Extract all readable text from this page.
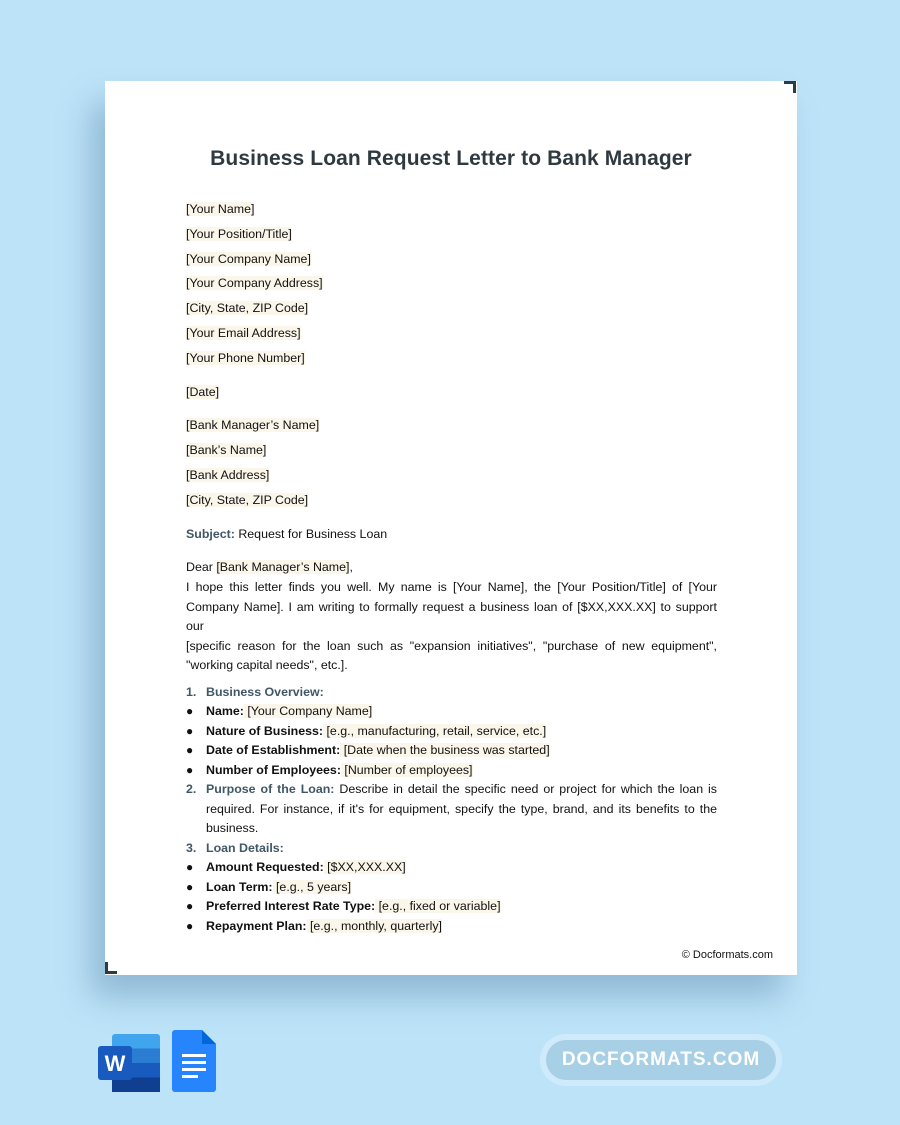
Business Loan Request Letter to Bank Manager
[Your Name]
[Your Position/Title]
[Your Company Name]
[Your Company Address]
[City, State, ZIP Code]
[Your Email Address]
[Your Phone Number]
[Date]
[Bank Manager’s Name]
[Bank’s Name]
[Bank Address]
[City, State, ZIP Code]
Subject: Request for Business Loan
Dear [Bank Manager’s Name],
I hope this letter finds you well. My name is [Your Name], the [Your Position/Title] of [Your
Company Name]. I am writing to formally request a business loan of [$XX,XXX.XX] to support our
[specific reason for the loan such as "expansion initiatives", "purchase of new equipment",
"working capital needs", etc.].
1. Business Overview:
●	Name: [Your Company Name]
●	Nature of Business: [e.g., manufacturing, retail, service, etc.]
●	Date of Establishment: [Date when the business was started]
●	Number of Employees: [Number of employees]
2. Purpose of the Loan: Describe in detail the specific need or project for which the loan is
required. For instance, if it's for equipment, specify the type, brand, and its benefits to the
business.
3. Loan Details:
●	Amount Requested: [$XX,XXX.XX]
●	Loan Term: [e.g., 5 years]
●	Preferred Interest Rate Type: [e.g., fixed or variable]
●	Repayment Plan: [e.g., monthly, quarterly]
© Docformats.com
W	DOCFORMATS.COM
